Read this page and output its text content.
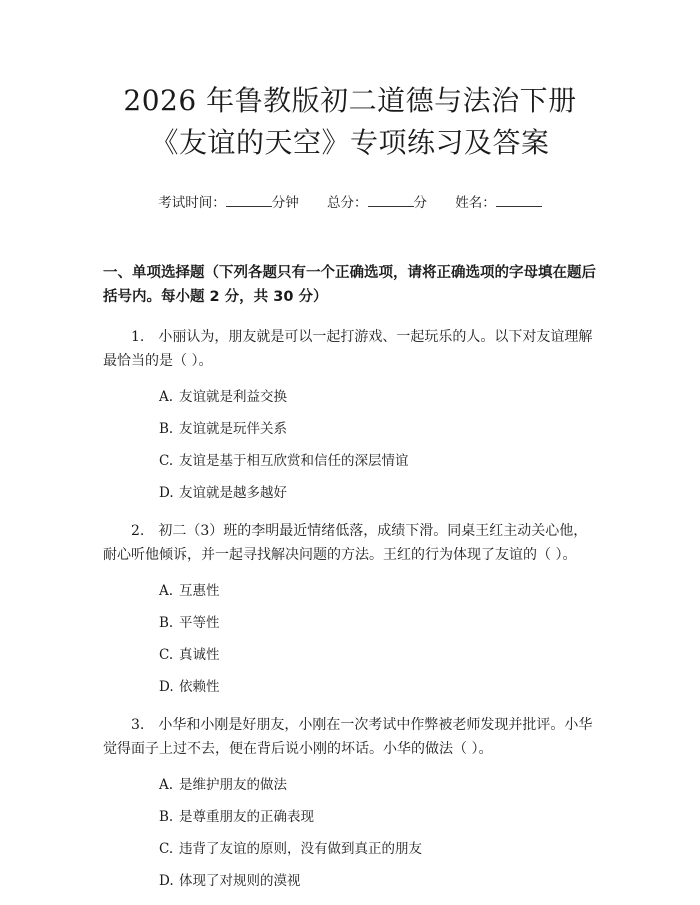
2026 年鲁教版初二道德与法治下册《友谊的天空》专项练习及答案
考试时间：	分钟 总分：	分 姓名：
一、单项选择题（下列各题只有一个正确选项，请将正确选项的字母填在题后括号内。每小题 2 分，共 30 分）
1.　小丽认为，朋友就是可以一起打游戏、一起玩乐的人。以下对友谊理解最恰当的是（ ）。
A. 友谊就是利益交换
B. 友谊就是玩伴关系
C. 友谊是基于相互欣赏和信任的深层情谊
D. 友谊就是越多越好
2.　初二（3）班的李明最近情绪低落，成绩下滑。同桌王红主动关心他，耐心听他倾诉，并一起寻找解决问题的方法。王红的行为体现了友谊的（ ）。
A. 互惠性
B. 平等性
C. 真诚性
D. 依赖性
3.　小华和小刚是好朋友，小刚在一次考试中作弊被老师发现并批评。小华觉得面子上过不去，便在背后说小刚的坏话。小华的做法（ ）。
A. 是维护朋友的做法
B. 是尊重朋友的正确表现
C. 违背了友谊的原则，没有做到真正的朋友
D. 体现了对规则的漠视
